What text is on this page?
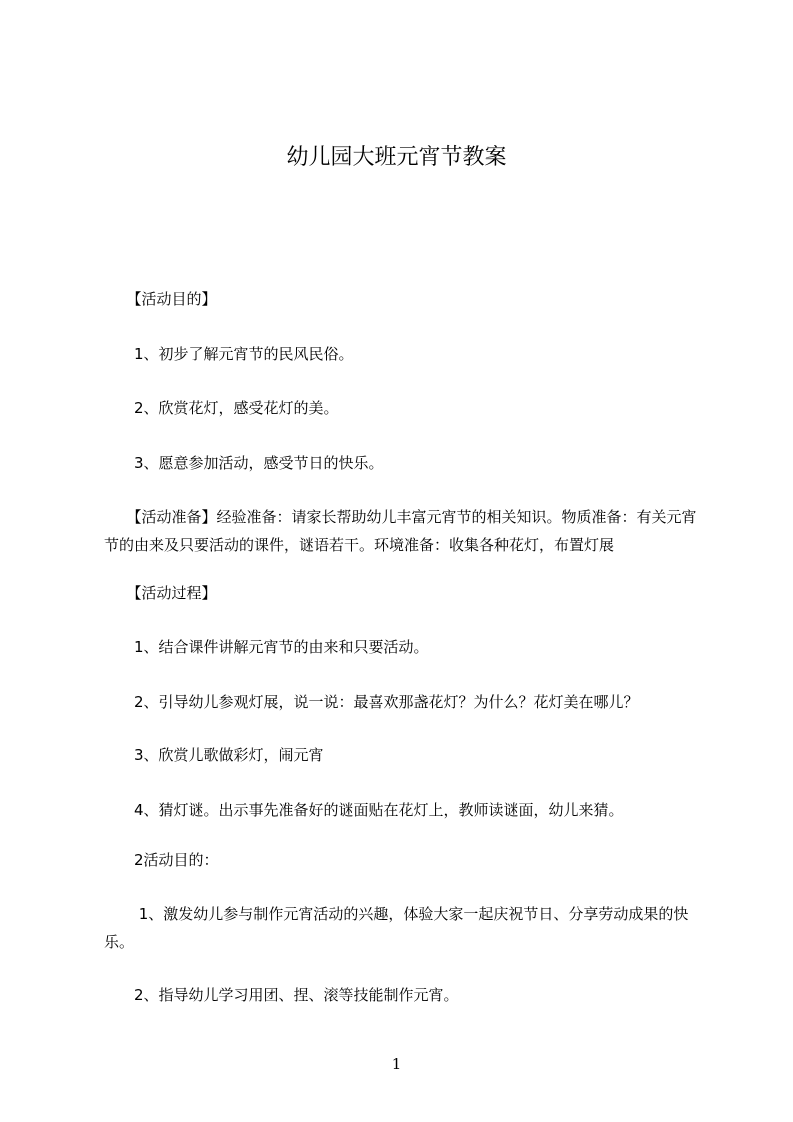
幼儿园大班元宵节教案
　　【活动目的】
　　1、初步了解元宵节的民风民俗。
　　2、欣赏花灯，感受花灯的美。
　　3、愿意参加活动，感受节日的快乐。
　　【活动准备】经验准备：请家长帮助幼儿丰富元宵节的相关知识。物质准备：有关元宵节的由来及只要活动的课件，谜语若干。环境准备：收集各种花灯，布置灯展
　　【活动过程】
　　1、结合课件讲解元宵节的由来和只要活动。
　　2、引导幼儿参观灯展，说一说：最喜欢那盏花灯？为什么？花灯美在哪儿？
　　3、欣赏儿歌做彩灯，闹元宵
　　4、猜灯谜。出示事先准备好的谜面贴在花灯上，教师读谜面，幼儿来猜。
　　2活动目的：
　　 1、激发幼儿参与制作元宵活动的兴趣，体验大家一起庆祝节日、分享劳动成果的快乐。
　　2、指导幼儿学习用团、捏、滚等技能制作元宵。
1
